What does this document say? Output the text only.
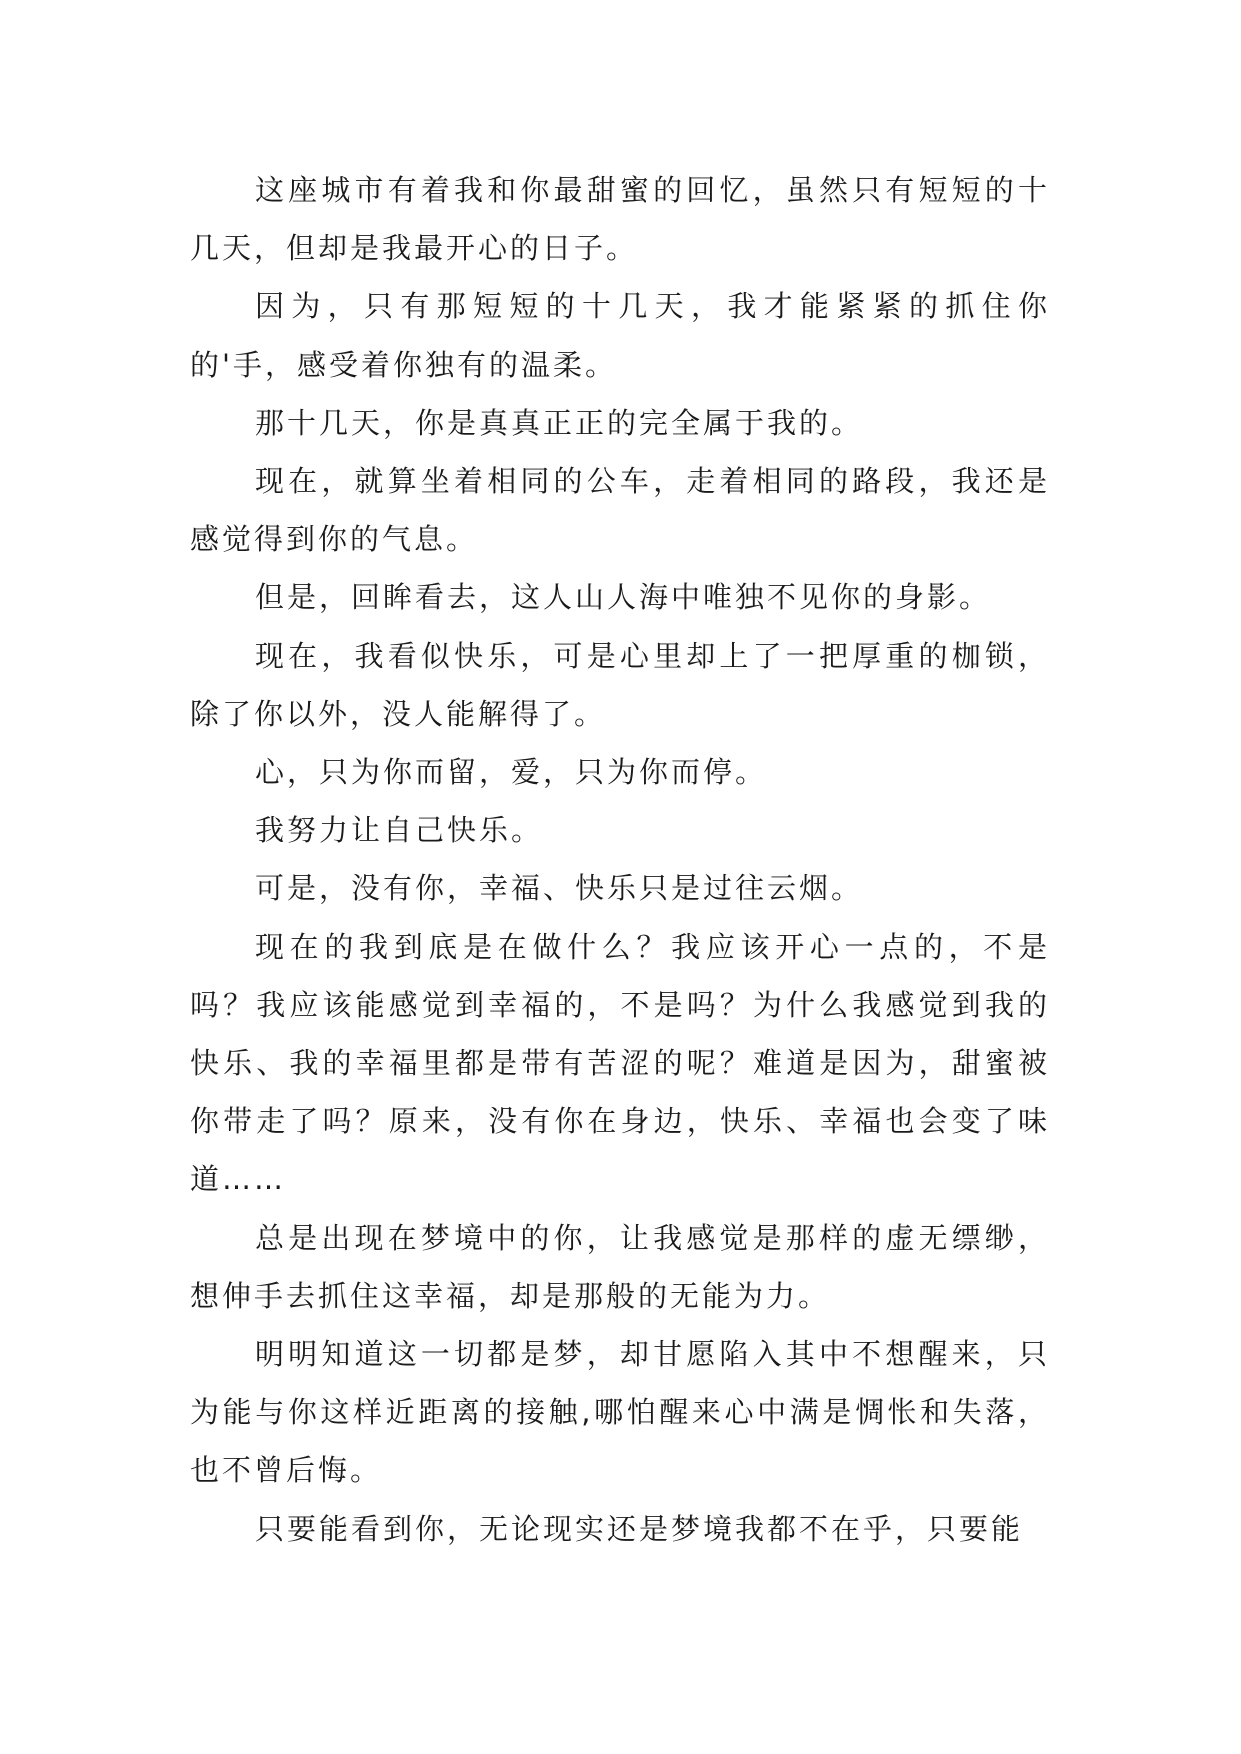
这座城市有着我和你最甜蜜的回忆，虽然只有短短的十几天，但却是我最开心的日子。

因为，只有那短短的十几天，我才能紧紧的抓住你的'手，感受着你独有的温柔。

那十几天，你是真真正正的完全属于我的。

现在，就算坐着相同的公车，走着相同的路段，我还是感觉得到你的气息。

但是，回眸看去，这人山人海中唯独不见你的身影。

现在，我看似快乐，可是心里却上了一把厚重的枷锁，除了你以外，没人能解得了。

心，只为你而留，爱，只为你而停。

我努力让自己快乐。

可是，没有你，幸福、快乐只是过往云烟。

现在的我到底是在做什么？我应该开心一点的，不是吗？我应该能感觉到幸福的，不是吗？为什么我感觉到我的快乐、我的幸福里都是带有苦涩的呢？难道是因为，甜蜜被你带走了吗？原来，没有你在身边，快乐、幸福也会变了味道……

总是出现在梦境中的你，让我感觉是那样的虚无缥缈，想伸手去抓住这幸福，却是那般的无能为力。

明明知道这一切都是梦，却甘愿陷入其中不想醒来，只为能与你这样近距离的接触,哪怕醒来心中满是惆怅和失落，也不曾后悔。

只要能看到你，无论现实还是梦境我都不在乎，只要能
